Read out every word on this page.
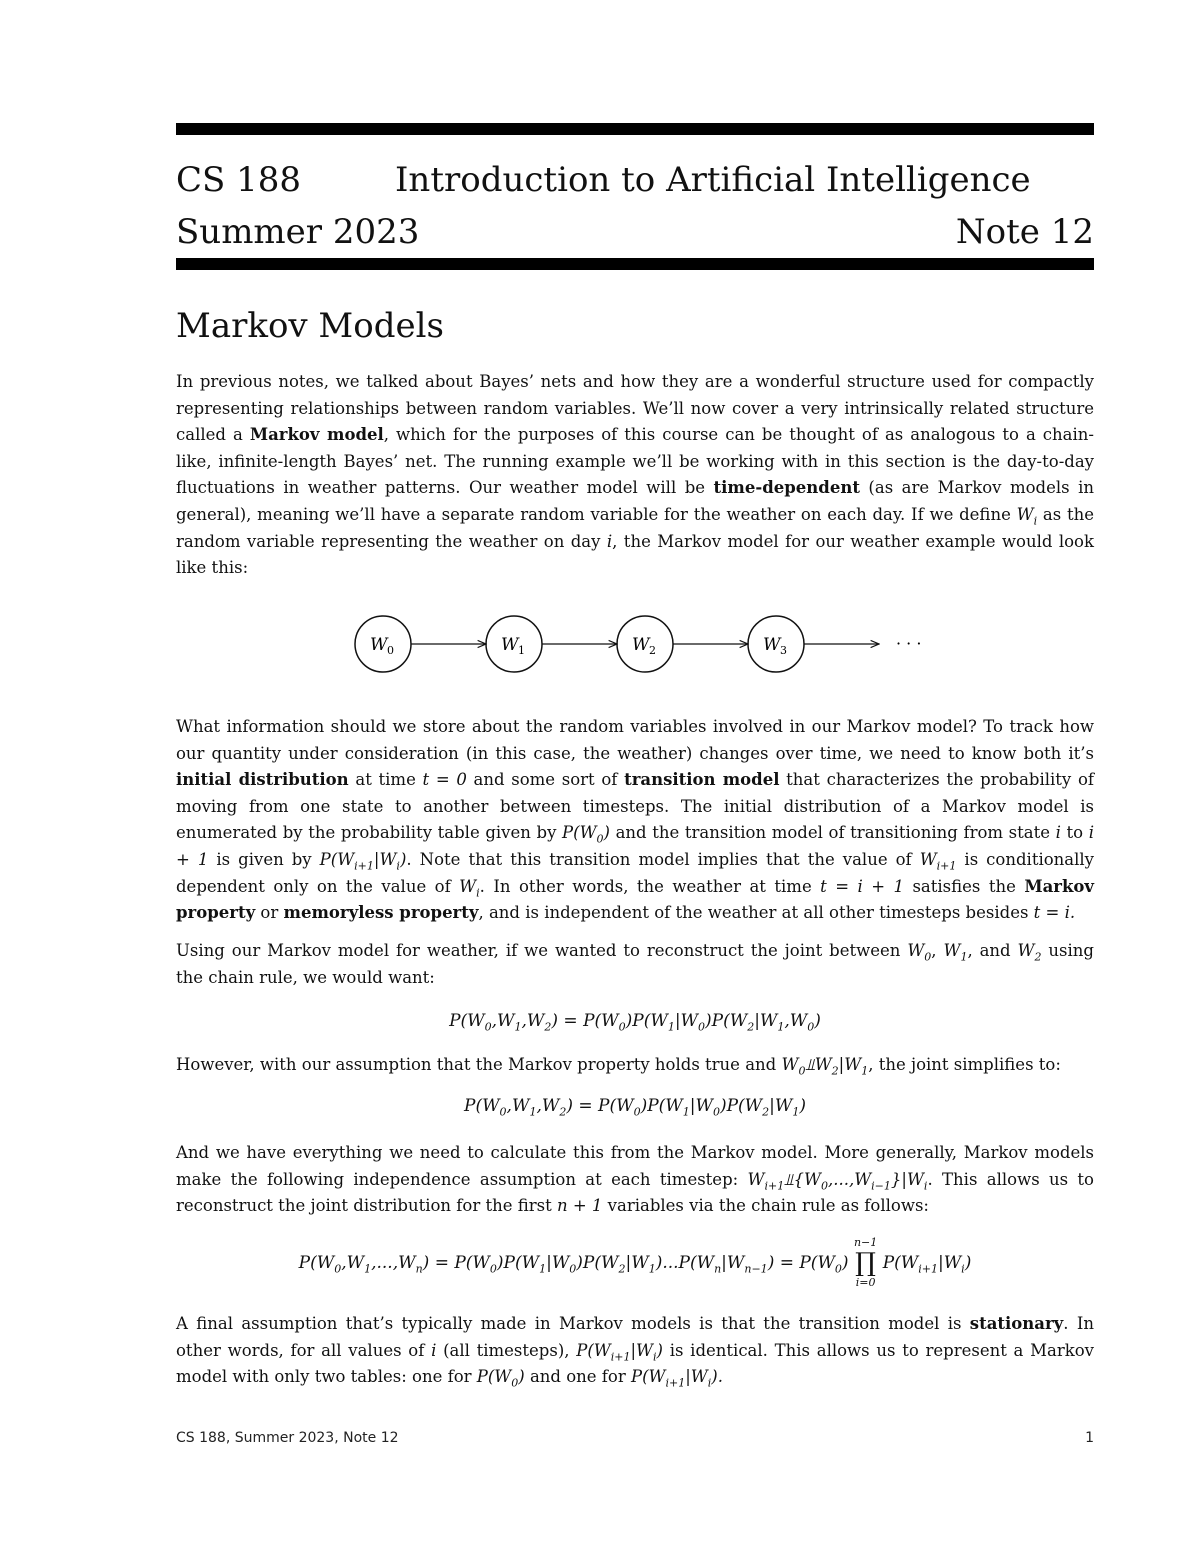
CS 188	Introduction to Artificial Intelligence
Summer 2023	Note 12
Markov Models
In previous notes, we talked about Bayes’ nets and how they are a wonderful structure used for compactly representing relationships between random variables. We’ll now cover a very intrinsically related structure called a Markov model, which for the purposes of this course can be thought of as analogous to a chain-like, infinite-length Bayes’ net. The running example we’ll be working with in this section is the day-to-day fluctuations in weather patterns. Our weather model will be time-dependent (as are Markov models in general), meaning we’ll have a separate random variable for the weather on each day. If we define $W_i$ as the random variable representing the weather on day i, the Markov model for our weather example would look like this:
W 0	W 1	W 2	W 3	· · ·
What information should we store about the random variables involved in our Markov model? To track how our quantity under consideration (in this case, the weather) changes over time, we need to know both it’s initial distribution at time t = 0 and some sort of transition model that characterizes the probability of moving from one state to another between timesteps. The initial distribution of a Markov model is enumerated by the probability table given by $P(W_0)$ and the transition model of transitioning from state i to i + 1 is given by $P(W_{i+1}|W_i)$. Note that this transition model implies that the value of $W_{i+1}$ is conditionally dependent only on the value of $W_i$. In other words, the weather at time t = i + 1 satisfies the Markov property or memoryless property, and is independent of the weather at all other timesteps besides t = i.
Using our Markov model for weather, if we wanted to reconstruct the joint between $W_0$, $W_1$, and $W_2$ using the chain rule, we would want:
$P(W_0,W_1,W_2) = P(W_0)P(W_1|W_0)P(W_2|W_1,W_0)$
However, with our assumption that the Markov property holds true and $W_0⫫W_2|W_1$, the joint simplifies to:
$P(W_0,W_1,W_2) = P(W_0)P(W_1|W_0)P(W_2|W_1)$
And we have everything we need to calculate this from the Markov model. More generally, Markov models make the following independence assumption at each timestep: $W_{i+1}⫫\{W_0,...,W_{i-1}\}|W_i$. This allows us to reconstruct the joint distribution for the first n + 1 variables via the chain rule as follows:
$P(W_0,W_1,...,W_n) = P(W_0)P(W_1|W_0)P(W_2|W_1)...P(W_n|W_{n-1}) = P(W_0)$
n−1
∏
i=0
$P(W_{i+1}|W_i)$
A final assumption that’s typically made in Markov models is that the transition model is stationary. In other words, for all values of i (all timesteps), $P(W_{i+1}|W_i)$ is identical. This allows us to represent a Markov model with only two tables: one for $P(W_0)$ and one for $P(W_{i+1}|W_i)$.
CS 188, Summer 2023, Note 12	1
